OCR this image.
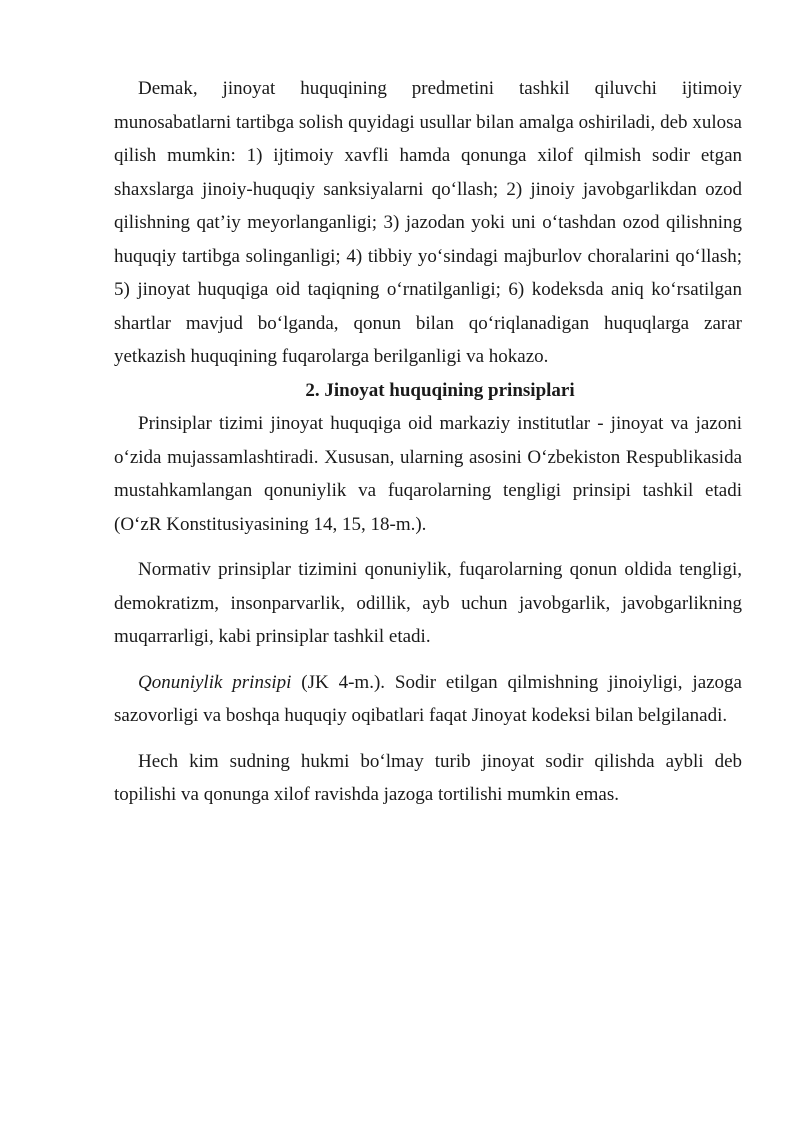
Demak, jinoyat huquqining predmetini tashkil qiluvchi ijtimoiy munosabatlarni tartibga solish quyidagi usullar bilan amalga oshiriladi, deb xulosa qilish mumkin: 1) ijtimoiy xavfli hamda qonunga xilof qilmish sodir etgan shaxslarga jinoiy-huquqiy sanksiyalarni qo‘llash; 2) jinoiy javobgarlikdan ozod qilishning qat’iy meyorlanganligi; 3) jazodan yoki uni o‘tashdan ozod qilishning huquqiy tartibga solinganligi; 4) tibbiy yo‘sindagi majburlov choralarini qo‘llash; 5) jinoyat huquqiga oid taqiqning o‘rnatilganligi; 6) kodeksda aniq ko‘rsatilgan shartlar mavjud bo‘lganda, qonun bilan qo‘riqlanadigan huquqlarga zarar yetkazish huquqining fuqarolarga berilganligi va hokazo.

2. Jinoyat huquqining prinsiplari

Prinsiplar tizimi jinoyat huquqiga oid markaziy institutlar - jinoyat va jazoni o‘zida mujassamlashtiradi. Xususan, ularning asosini O‘zbekiston Respublikasida mustahkamlangan qonuniylik va fuqarolarning tengligi prinsipi tashkil etadi (O‘zR Konstitusiyasining 14, 15, 18-m.).

Normativ prinsiplar tizimini qonuniylik, fuqarolarning qonun oldida tengligi, demokratizm, insonparvarlik, odillik, ayb uchun javobgarlik, javobgarlikning muqarrarligi, kabi prinsiplar tashkil etadi.

Qonuniylik prinsipi (JK 4-m.). Sodir etilgan qilmishning jinoiyligi, jazoga sazovorligi va boshqa huquqiy oqibatlari faqat Jinoyat kodeksi bilan belgilanadi.

Hech kim sudning hukmi bo‘lmay turib jinoyat sodir qilishda aybli deb topilishi va qonunga xilof ravishda jazoga tortilishi mumkin emas.
